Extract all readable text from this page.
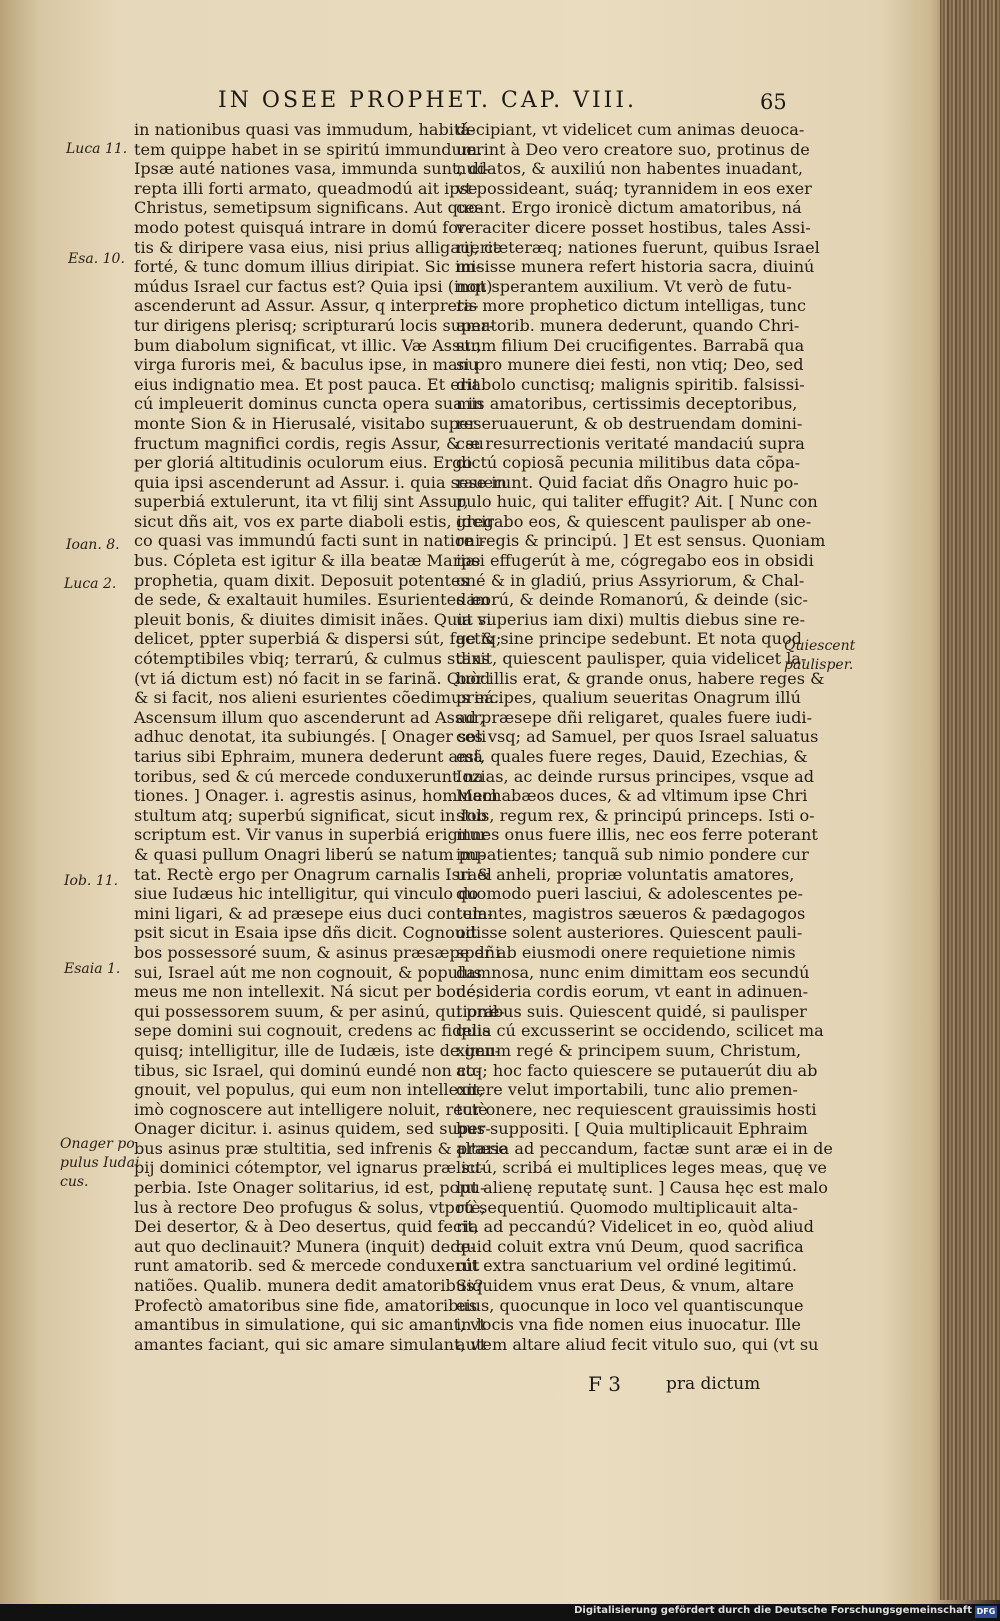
IN OSEE PROPHET. CAP. VIII.	65
Luca 11.
Esa. 10.
Ioan. 8.
Luca 2.
Iob. 11.
Esaia 1.
Onager po
pulus Iudai
cus.
Quiescent
paulisper.
in nationibus quasi vas immudum, habitá-
tem quippe habet in se spiritú immundum.
Ipsæ auté nationes vasa, immunda sunt, di-
repta illi forti armato, queadmodú ait ipse
Christus, semetipsum significans. Aut quo-
modo potest quisquá intrare in domú for-
tis & diripere vasa eius, nisi prius alligauerit
forté, & tunc domum illius diripiat. Sic im-
múdus Israel cur factus est? Quia ipsi (inqt)
ascenderunt ad Assur. Assur, q interpreta-
tur dirigens plerisq; scripturarú locis super-
bum diabolum significat, vt illic. Væ Assur,
virga furoris mei, & baculus ipse, in manu
eius indignatio mea. Et post pauca. Et erit
cú impleuerit dominus cuncta opera sua in
monte Sion & in Hierusalé, visitabo super
fructum magnifici cordis, regis Assur, & su
per gloriá altitudinis oculorum eius. Ergo
quia ipsi ascenderunt ad Assur. i. quia sese in
superbiá extulerunt, ita vt filij sint Assur,
sicut dñs ait, vos ex parte diaboli estis, idcir
co quasi vas immundú facti sunt in nationi-
bus. Cópleta est igitur & illa beatæ Mariæ
prophetia, quam dixit. Deposuit potentes
de sede, & exaltauit humiles. Esurientes im
pleuit bonis, & diuites dimisit inães. Quia vi
delicet, ppter superbiá & dispersi sút, factiq;
cótemptibiles vbiq; terrarú, & culmus stans
(vt iá dictum est) nó facit in se farinã. Quòd
& si facit, nos alieni esurientes cõedimus eá.
Ascensum illum quo ascenderunt ad Assur,
adhuc denotat, ita subiungés. [ Onager soli
tarius sibi Ephraim, munera dederunt amã
toribus, sed & cú mercede conduxerunt na
tiones. ] Onager. i. agrestis asinus, hominem
stultum atq; superbú significat, sicut in Iob
scriptum est. Vir vanus in superbiá erigitur
& quasi pullum Onagri liberú se natum pu-
tat. Rectè ergo per Onagrum carnalis Israel
siue Iudæus hic intelligitur, qui vinculo do
mini ligari, & ad præsepe eius duci contem-
psit sicut in Esaia ipse dñs dicit. Cognouit
bos possessoré suum, & asinus præsæpe dñi
sui, Israel aút me non cognouit, & populus
meus me non intellexit. Ná sicut per boué,
qui possessorem suum, & per asinú, qui præ-
sepe domini sui cognouit, credens ac fidelis
quisq; intelligitur, ille de Iudæis, iste de gen-
tibus, sic Israel, qui dominú eundé non co-
gnouit, vel populus, qui eum non intellexit,
imò cognoscere aut intelligere noluit, rectè
Onager dicitur. i. asinus quidem, sed super-
bus asinus præ stultitia, sed infrenis & præse
pij dominici cótemptor, vel ignarus præ su-
perbia. Iste Onager solitarius, id est, popu-
lus à rectore Deo profugus & solus, vtpotè,
Dei desertor, & à Deo desertus, quid fecit,
aut quo declinauit? Munera (inquit) dede-
runt amatorib. sed & mercede conduxerút
natiões. Qualib. munera dedit amatoribus?
Profectò amatoribus sine fide, amatoribus
amantibus in simulatione, qui sic amant, vt
amantes faciant, qui sic amare simulant, vt
decipiant, vt videlicet cum animas deuoca-
uerint à Deo vero creatore suo, protinus de
nudatos, & auxiliú non habentes inuadant,
vt possideant, suáq; tyrannidem in eos exer
ceant. Ergo ironicè dictum amatoribus, ná
veraciter dicere posset hostibus, tales Assi-
rij, cæteræq; nationes fuerunt, quibus Israel
misisse munera refert historia sacra, diuinú
non sperantem auxilium. Vt verò de futu-
ris more prophetico dictum intelligas, tunc
amatorib. munera dederunt, quando Chri-
stum filium Dei crucifigentes. Barrabã qua
si pro munere diei festi, non vtiq; Deo, sed
diabolo cunctisq; malignis spiritib. falsissi-
mis amatoribus, certissimis deceptoribus,
reseruauerunt, & ob destruendam domini-
cæ resurrectionis veritaté mandaciú supra
dictú copiosã pecunia militibus data cõpa-
rauerunt. Quid faciat dñs Onagro huic po-
pulo huic, qui taliter effugit? Ait. [ Nunc con
gregabo eos, & quiescent paulisper ab one-
re regis & principú. ] Et est sensus. Quoniam
ipsi effugerút à me, cógregabo eos in obsidi
oné & in gladiú, prius Assyriorum, & Chal-
dæorú, & deinde Romanorú, & deinde (sic-
ut superius iam dixi) multis diebus sine re-
ge & sine principe sedebunt. Et nota quod
dixit, quiescent paulisper, quia videlicet la-
bor illis erat, & grande onus, habere reges &
principes, qualium seueritas Onagrum illú
ad præsepe dñi religaret, quales fuere iudi-
ces vsq; ad Samuel, per quos Israel saluatus
est, quales fuere reges, Dauid, Ezechias, &
Iozias, ac deinde rursus principes, vsque ad
Machabæos duces, & ad vltimum ipse Chri
stus, regum rex, & principú princeps. Isti o-
mnes onus fuere illis, nec eos ferre poterant
impatientes; tanquã sub nimio pondere cur
ui & anheli, propriæ voluntatis amatores,
quomodo pueri lasciui, & adolescentes pe-
tulantes, magistros sæueros & pædagogos
odisse solent austeriores. Quiescent pauli-
sper ab eiusmodi onere requietione nimis
damnosa, nunc enim dimittam eos secundú
desideria cordis eorum, vt eant in adinuen-
tionibus suis. Quiescent quidé, si paulisper
quia cú excusserint se occidendo, scilicet ma
ximum regé & principem suum, Christum,
atq; hoc facto quiescere se putauerút diu ab
onere velut importabili, tunc alio premen-
tur onere, nec requiescent grauissimis hosti
bus suppositi. [ Quia multiplicauit Ephraim
altaria ad peccandum, factæ sunt aræ ei in de
lictú, scribá ei multiplices leges meas, quę ve
lut alienę reputatę sunt. ] Causa hęc est malo
rú sequentiú. Quomodo multiplicauit alta-
ria ad peccandú? Videlicet in eo, quòd aliud
quid coluit extra vnú Deum, quod sacrifica
uit extra sanctuarium vel ordiné legitimú.
Siquidem vnus erat Deus, & vnum, altare
eius, quocunque in loco vel quantiscunque
in locis vna fide nomen eius inuocatur. Ille
autem altare aliud fecit vitulo suo, qui (vt su
F 3	pra dictum
Digitalisierung gefördert durch die Deutsche Forschungsgemeinschaft DFG
